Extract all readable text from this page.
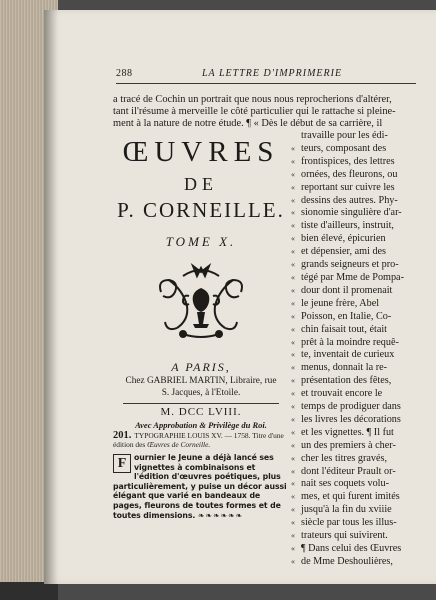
288	LA LETTRE D'IMPRIMERIE
a tracé de Cochin un portrait que nous nous reprocherions d'altérer,
tant il'résume à merveille le côté particulier qui le rattache si pleine-
ment à la nature de notre étude. ¶ « Dès le début de sa carrière, il
ŒUVRES
DE
P. CORNEILLE.
TOME X.
A PARIS,
Chez GABRIEL MARTIN, Libraire, rue
S. Jacques, à l'Etoile.
M. DCC LVIII.
Avec Approbation & Privilège du Roi.
201. TYPOGRAPHIE LOUIS XV. — 1758. Titre d'une édition des Œuvres de Corneille.
F ournier le Jeune a déjà lancé ses vignettes à combinaisons et l'édition d'œuvres poétiques, plus particulièrement, y puise un décor aussi élégant que varié en bandeaux de pages, fleurons de toutes formes et de toutes dimensions. ❧❧❧❧❧❧
travaille pour les édi-
« teurs, composant des
« frontispices, des lettres
« ornées, des fleurons, ou
« reportant sur cuivre les
« dessins des autres. Phy-
« sionomie singulière d'ar-
« tiste d'ailleurs, instruit,
« bien élevé, épicurien
« et dépensier, ami des
« grands seigneurs et pro-
« tégé par Mme de Pompa-
« dour dont il promenait
« le jeune frère, Abel
« Poisson, en Italie, Co-
« chin faisait tout, était
« prêt à la moindre requê-
« te, inventait de curieux
« menus, donnait la re-
« présentation des fêtes,
« et trouvait encore le
« temps de prodiguer dans
« les livres les décorations
« et les vignettes. ¶ Il fut
« un des premiers à cher-
« cher les titres gravés,
« dont l'éditeur Prault or-
« nait ses coquets volu-
« mes, et qui furent imités
« jusqu'à la fin du xviiie
« siècle par tous les illus-
« trateurs qui suivirent.
« ¶ Dans celui des Œuvres
« de Mme Deshoulières,
